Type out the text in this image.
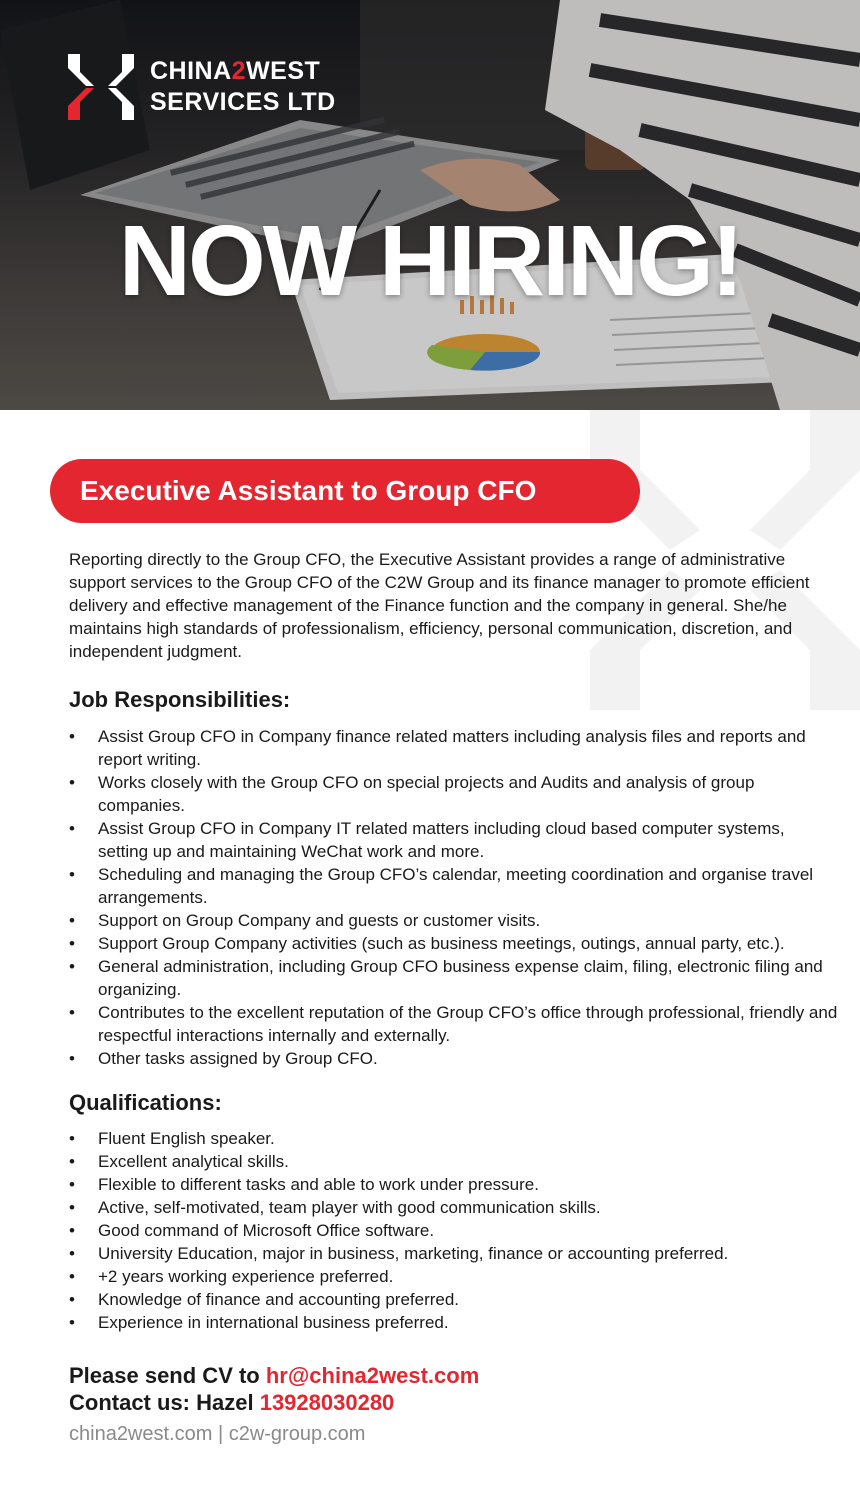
CHINA2WEST
SERVICES LTD
NOW HIRING!
Executive Assistant to Group CFO

Reporting directly to the Group CFO, the Executive Assistant provides a range of administrative support services to the Group CFO of the C2W Group and its finance manager to promote efficient delivery and effective management of the Finance function and the company in general. She/he maintains high standards of professionalism, efficiency, personal communication, discretion, and independent judgment.

Job Responsibilities:
• Assist Group CFO in Company finance related matters including analysis files and reports and report writing.
• Works closely with the Group CFO on special projects and Audits and analysis of group companies.
• Assist Group CFO in Company IT related matters including cloud based computer systems, setting up and maintaining WeChat work and more.
• Scheduling and managing the Group CFO’s calendar, meeting coordination and organise travel arrangements.
• Support on Group Company and guests or customer visits.
• Support Group Company activities (such as business meetings, outings, annual party, etc.).
• General administration, including Group CFO business expense claim, filing, electronic filing and organizing.
• Contributes to the excellent reputation of the Group CFO’s office through professional, friendly and respectful interactions internally and externally.
• Other tasks assigned by Group CFO.
Qualifications:
• Fluent English speaker.
• Excellent analytical skills.
• Flexible to different tasks and able to work under pressure.
• Active, self-motivated, team player with good communication skills.
• Good command of Microsoft Office software.
• University Education, major in business, marketing, finance or accounting preferred.
• +2 years working experience preferred.
• Knowledge of finance and accounting preferred.
• Experience in international business preferred.
Please send CV to hr@china2west.com
Contact us: Hazel 13928030280
china2west.com | c2w-group.com
